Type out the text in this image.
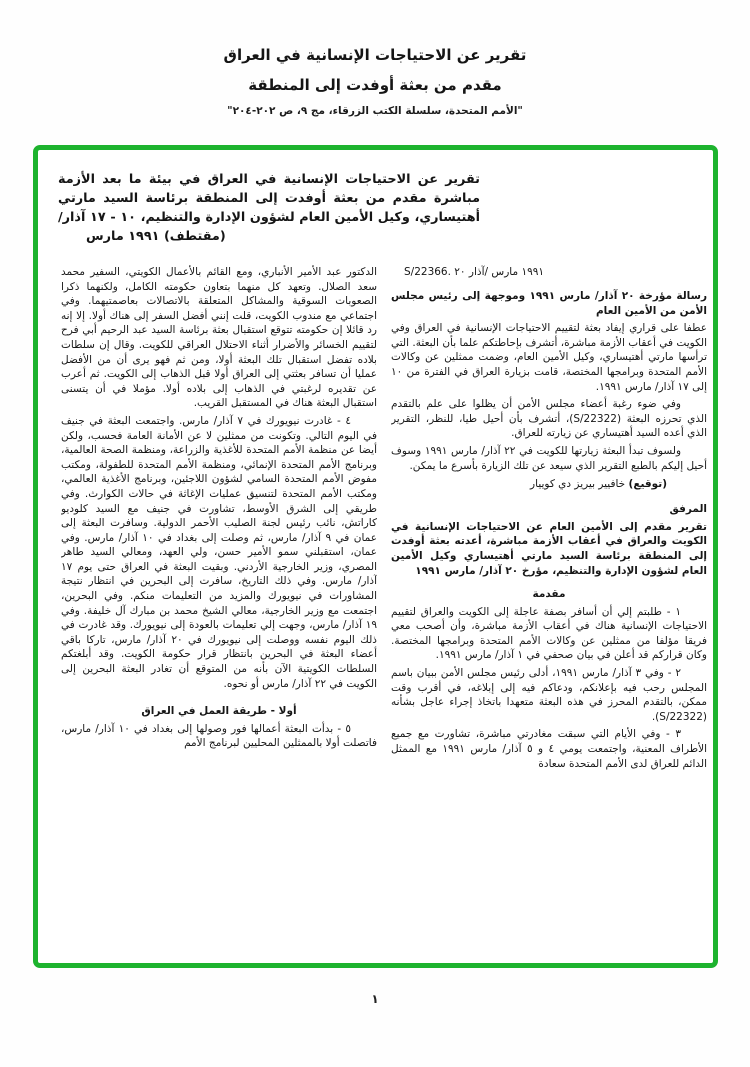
تقرير عن الاحتياجات الإنسانية في العراق
مقدم من بعثة أوفدت إلى المنطقة
"الأمم المتحدة، سلسلة الكتب الزرقاء، مج ٩، ص ٢٠٢-٢٠٤"
تقرير عن الاحتياجات الإنسانية في العراق في بيئة ما بعد الأزمة
مباشرة مقدم من بعثة أوفدت إلى المنطقة برئاسة السيد مارتي
أهتيساري، وكيل الأمين العام لشؤون الإدارة والتنظيم، ١٠ - ١٧ آذار/
مارس‎ ١٩٩١‎ (مقتطف)
S/22366. ٢٠‎ آذار/‎ مارس‎ ١٩٩١

رسالة مؤرخة ٢٠ آذار/ مارس ١٩٩١ وموجهة إلى رئيس مجلس الأمن من الأمين العام

عطفا على قراري إيفاد بعثة لتقييم الاحتياجات الإنسانية في العراق وفي الكويت في أعقاب الأزمة مباشرة، أتشرف بإحاطتكم علما بأن البعثة. التي ترأسها مارتي أهتيساري، وكيل الأمين العام، وضمت ممثلين عن وكالات الأمم المتحدة وبرامجها المختصة، قامت بزيارة العراق في الفترة من ١٠ إلى ١٧ آذار/ مارس ١٩٩١.

وفي ضوء رغبة أعضاء مجلس الأمن أن يظلوا على علم بالتقدم الذي تحرزه البعثة (S/22322)، أتشرف بأن أحيل طيا، للنظر، التقرير الذي أعده السيد أهتيساري عن زيارته للعراق.

ولسوف تبدأ البعثة زيارتها للكويت في ٢٢ آذار/ مارس ١٩٩١ وسوف أحيل إليكم بالطبع التقرير الذي سيعد عن تلك الزيارة بأسرع ما يمكن.

(توقيع) خافيير بيريز دي كوييار

المرفق

تقرير مقدم إلى الأمين العام عن الاحتياجات الإنسانية في الكويت والعراق في أعقاب الأزمة مباشرة، أعدته بعثة أوفدت إلى المنطقة برئاسة السيد مارتي أهتيساري وكيل الأمين العام لشؤون الإدارة والتنظيم، مؤرخ ٢٠ آذار/ مارس ١٩٩١

مقدمة

١ - طلبتم إلي أن أسافر بصفة عاجلة إلى الكويت والعراق لتقييم الاحتياجات الإنسانية هناك في أعقاب الأزمة مباشرة، وأن أصحب معي فريقا مؤلفا من ممثلين عن وكالات الأمم المتحدة وبرامجها المختصة. وكان قراركم قد أعلن في بيان صحفي في ١ آذار/ مارس ١٩٩١.

٢ - وفي ٣ آذار/ مارس ١٩٩١، أدلى رئيس مجلس الأمن ببيان باسم المجلس رحب فيه بإعلانكم، ودعاكم فيه إلى إبلاغه، في أقرب وقت ممكن، بالتقدم المحرز في هذه البعثة متعهدا باتخاذ إجراء عاجل بشأنه (S/22322).

٣ - وفي الأيام التي سبقت مغادرتي مباشرة، تشاورت مع جميع الأطراف المعنية، واجتمعت يومي ٤ و ٥ آذار/ مارس ١٩٩١ مع الممثل الدائم للعراق لدى الأمم المتحدة سعادة

الدكتور عبد الأمير الأنباري، ومع القائم بالأعمال الكويتي، السفير محمد سعد الصلال. وتعهد كل منهما بتعاون حكومته الكامل، ولكنهما ذكرا الصعوبات السوقية والمشاكل المتعلقة بالاتصالات بعاصمتيهما. وفي اجتماعي مع مندوب الكويت، قلت إنني أفضل السفر إلى هناك أولا. إلا إنه رد قائلا إن حكومته تتوقع استقبال بعثة برئاسة السيد عبد الرحيم أبي فرح لتقييم الخسائر والأضرار أثناء الاحتلال العراقي للكويت. وقال إن سلطات بلاده تفضل استقبال تلك البعثة أولا، ومن ثم فهو يرى أن من الأفضل عمليا أن تسافر بعثتي إلى العراق أولا قبل الذهاب إلى الكويت. ثم أعرب عن تقديره لرغبتي في الذهاب إلى بلاده أولا. مؤملا في أن يتسنى استقبال البعثة هناك في المستقبل القريب.

٤ - غادرت نيويورك في ٧ آذار/ مارس. واجتمعت البعثة في جنيف في اليوم التالي. وتكونت من ممثلين لا عن الأمانة العامة فحسب، ولكن أيضا عن منظمة الأمم المتحدة للأغذية والزراعة، ومنظمة الصحة العالمية، وبرنامج الأمم المتحدة الإنمائي، ومنظمة الأمم المتحدة للطفولة، ومكتب مفوض الأمم المتحدة السامي لشؤون اللاجئين، وبرنامج الأغذية العالمي، ومكتب الأمم المتحدة لتنسيق عمليات الإغاثة في حالات الكوارث. وفي طريقي إلى الشرق الأوسط، تشاورت في جنيف مع السيد كلوديو كاراتش، نائب رئيس لجنة الصليب الأحمر الدولية. وسافرت البعثة إلى عمان في ٩ آذار/ مارس، ثم وصلت إلى بغداد في ١٠ آذار/ مارس. وفي عمان، استقبلني سمو الأمير حسن، ولي العهد، ومعالي السيد طاهر المصري، وزير الخارجية الأردني. وبقيت البعثة في العراق حتى يوم ١٧ آذار/ مارس. وفي ذلك التاريخ، سافرت إلى البحرين في انتظار نتيجة المشاورات في نيويورك والمزيد من التعليمات منكم. وفي البحرين، اجتمعت مع وزير الخارجية، معالي الشيخ محمد بن مبارك آل خليفة. وفي ١٩ آذار/ مارس، وجهت إلي تعليمات بالعودة إلى نيويورك. وقد غادرت في ذلك اليوم نفسه ووصلت إلى نيويورك في ٢٠ آذار/ مارس، تاركا باقي أعضاء البعثة في البحرين بانتظار قرار حكومة الكويت. وقد أبلغتكم السلطات الكويتية الآن بأنه من المتوقع أن تغادر البعثة البحرين إلى الكويت في ٢٢ آذار/ مارس أو نحوه.

أولا - طريقة العمل في العراق

٥ - بدأت البعثة أعمالها فور وصولها إلى بغداد في ١٠ آذار/ مارس، فاتصلت أولا بالممثلين المحليين لبرنامج الأمم

١
